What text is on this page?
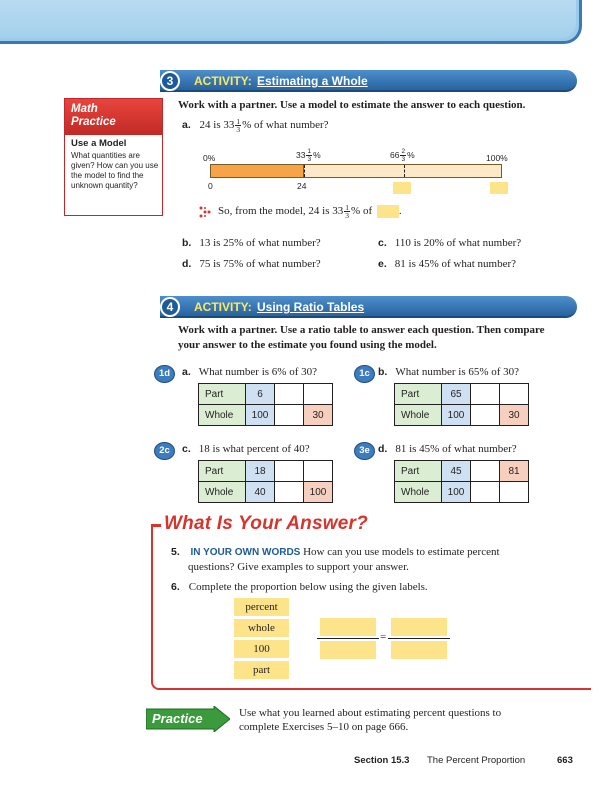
3	ACTIVITY: Estimating a Whole
Work with a partner. Use a model to estimate the answer to each question.
a. 24 is $33 \frac{1}{3}$ % of what number?
Math
Practice
Use a Model
What quantities are given? How can you use the model to find the unknown quantity?
0%	$33 \frac{1}{3}$ %	$66 \frac{2}{3}$ %	100%
0	24
So, from the model, 24 is $33 \frac{1}{3}$ % of .
b. 13 is 25% of what number?	c. 110 is 20% of what number?
d. 75 is 75% of what number?	e. 81 is 45% of what number?
4	ACTIVITY: Using Ratio Tables
Work with a partner. Use a ratio table to answer each question. Then compare
your answer to the estimate you found using the model.
1d	a. What number is 6% of 30?
Part	6		
Whole	100		30
1c b. What number is 65% of 30?
Part	65		
Whole	100		30
2c	c. 18 is what percent of 40?
Part	18		
Whole	40		100
3e d. 81 is 45% of what number?
Part	45		81
Whole	100		
What Is Your Answer?
5. IN YOUR OWN WORDS How can you use models to estimate percent
questions? Give examples to support your answer.
6. Complete the proportion below using the given labels.
percent
whole
100
part
=
Practice	Use what you learned about estimating percent questions to
complete Exercises 5–10 on page 666.
Section 15.3 The Percent Proportion	663
